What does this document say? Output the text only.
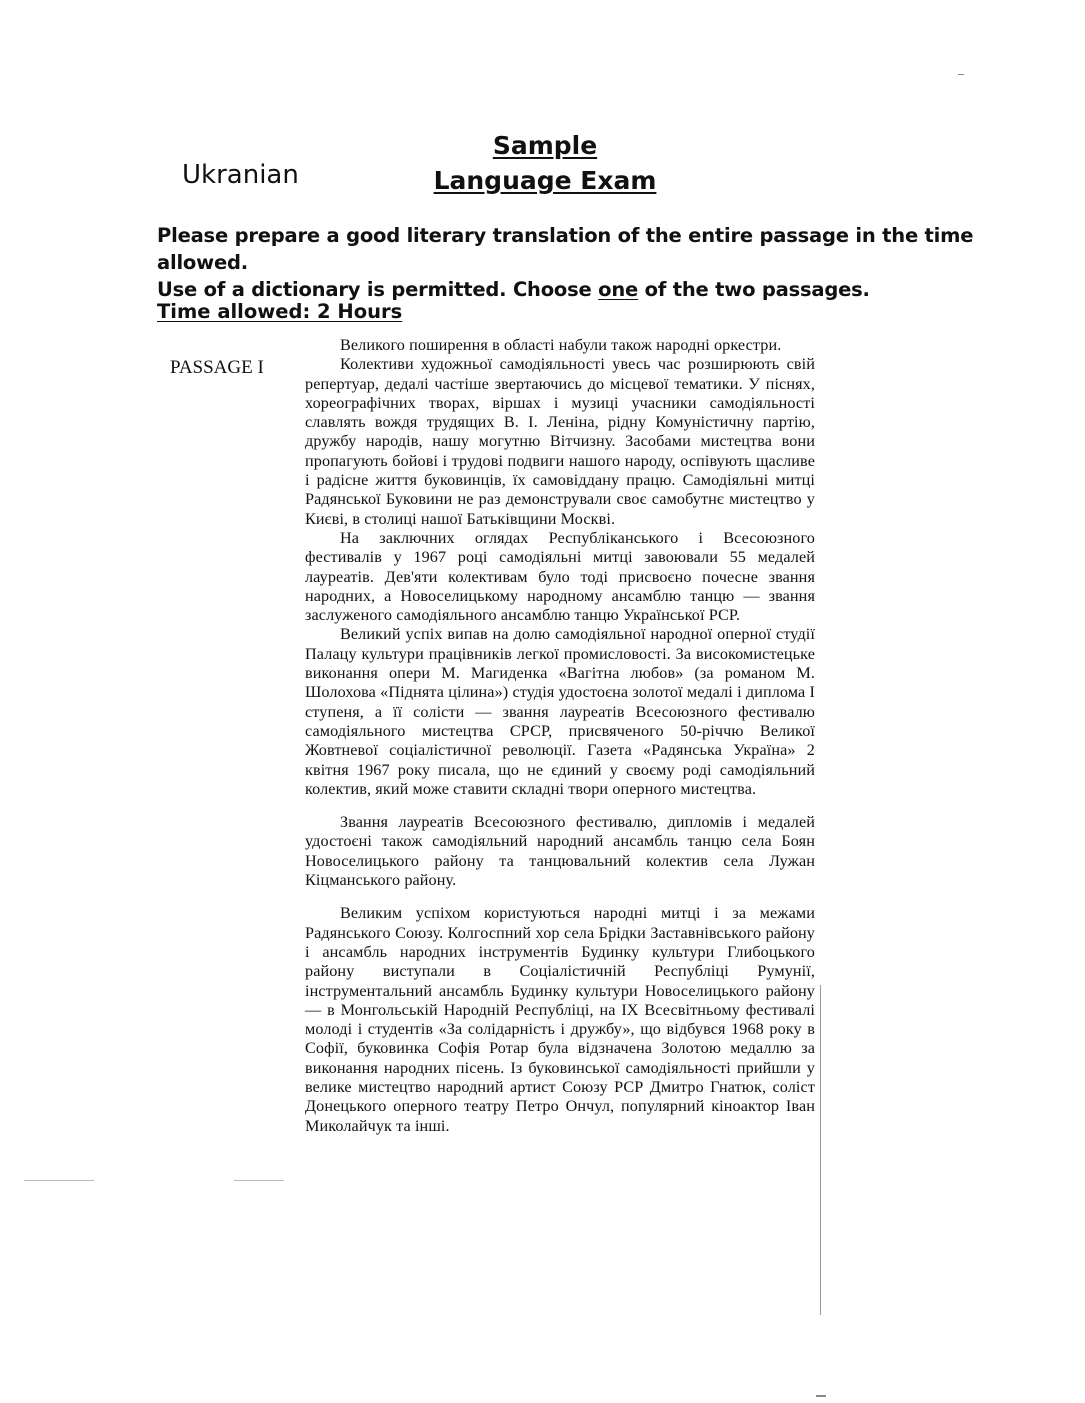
Sample
Language Exam
Ukranian
Please prepare a good literary translation of the entire passage in the time allowed.
Use of a dictionary is permitted. Choose one of the two passages.
Time allowed: 2 Hours
PASSAGE I

Великого поширення в області набули також народні оркестри.

Колективи художньої самодіяльності увесь час розширюють свій репертуар, дедалі частіше звертаючись до місцевої тематики. У піснях, хореографічних творах, віршах і музиці учасники самодіяльності славлять вождя трудящих В. І. Леніна, рідну Комуністичну партію, дружбу народів, нашу могутню Вітчизну. Засобами мистецтва вони пропагують бойові і трудові подвиги нашого народу, оспівують щасливе і радісне життя буковинців, їх самовіддану працю. Самодіяльні митці Радянської Буковини не раз демонстрували своє самобутнє мистецтво у Києві, в столиці нашої Батьківщини Москві.

На заключних оглядах Республіканського і Всесоюзного фестивалів у 1967 році самодіяльні митці завоювали 55 медалей лауреатів. Дев'яти колективам було тоді присвоєно почесне звання народних, а Новоселицькому народному ансамблю танцю — звання заслуженого самодіяльного ансамблю танцю Української РСР.

Великий успіх випав на долю самодіяльної народної оперної студії Палацу культури працівників легкої промисловості. За високомистецьке виконання опери М. Магиденка «Вагітна любов» (за романом М. Шолохова «Піднята цілина») студія удостоєна золотої медалі і диплома I ступеня, а її солісти — звання лауреатів Всесоюзного фестивалю самодіяльного мистецтва СРСР, присвяченого 50-річчю Великої Жовтневої соціалістичної революції. Газета «Радянська Україна» 2 квітня 1967 року писала, що не єдиний у своєму роді самодіяльний колектив, який може ставити складні твори оперного мистецтва.

Звання лауреатів Всесоюзного фестивалю, дипломів і медалей удостоєні також самодіяльний народний ансамбль танцю села Боян Новоселицького району та танцювальний колектив села Лужан Кіцманського району.

Великим успіхом користуються народні митці і за межами Радянського Союзу. Колгоспний хор села Брідки Заставнівського району і ансамбль народних інструментів Будинку культури Глибоцького району виступали в Соціалістичній Республіці Румунії, інструментальний ансамбль Будинку культури Новоселицького району — в Монгольській Народній Республіці, на IX Всесвітньому фестивалі молоді і студентів «За солідарність і дружбу», що відбувся 1968 року в Софії, буковинка Софія Ротар була відзначена Золотою медаллю за виконання народних пісень. Із буковинської самодіяльності прийшли у велике мистецтво народний артист Союзу РСР Дмитро Гнатюк, соліст Донецького оперного театру Петро Ончул, популярний кіноактор Іван Миколайчук та інші.
